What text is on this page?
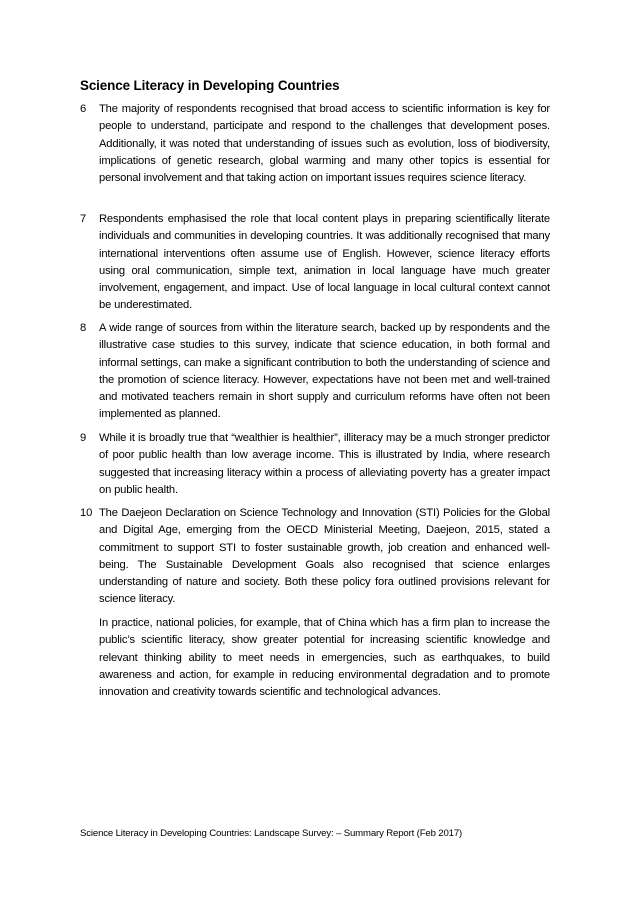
Science Literacy in Developing Countries
6	The majority of respondents recognised that broad access to scientific information is key for people to understand, participate and respond to the challenges that development poses. Additionally, it was noted that understanding of issues such as evolution, loss of biodiversity, implications of genetic research, global warming and many other topics is essential for personal involvement and that taking action on important issues requires science literacy.
7	Respondents emphasised the role that local content plays in preparing scientifically literate individuals and communities in developing countries. It was additionally recognised that many international interventions often assume use of English. However, science literacy efforts using oral communication, simple text, animation in local language have much greater involvement, engagement, and impact. Use of local language in local cultural context cannot be underestimated.
8	A wide range of sources from within the literature search, backed up by respondents and the illustrative case studies to this survey, indicate that science education, in both formal and informal settings, can make a significant contribution to both the understanding of science and the promotion of science literacy. However, expectations have not been met and well-trained and motivated teachers remain in short supply and curriculum reforms have often not been implemented as planned.
9	While it is broadly true that “wealthier is healthier”, illiteracy may be a much stronger predictor of poor public health than low average income. This is illustrated by India, where research suggested that increasing literacy within a process of alleviating poverty has a greater impact on public health.
10 The Daejeon Declaration on Science Technology and Innovation (STI) Policies for the Global and Digital Age, emerging from the OECD Ministerial Meeting, Daejeon, 2015, stated a commitment to support STI to foster sustainable growth, job creation and enhanced well-being. The Sustainable Development Goals also recognised that science enlarges understanding of nature and society. Both these policy fora outlined provisions relevant for science literacy.
In practice, national policies, for example, that of China which has a firm plan to increase the public’s scientific literacy, show greater potential for increasing scientific knowledge and relevant thinking ability to meet needs in emergencies, such as earthquakes, to build awareness and action, for example in reducing environmental degradation and to promote innovation and creativity towards scientific and technological advances.
Science Literacy in Developing Countries: Landscape Survey: – Summary Report (Feb 2017)
